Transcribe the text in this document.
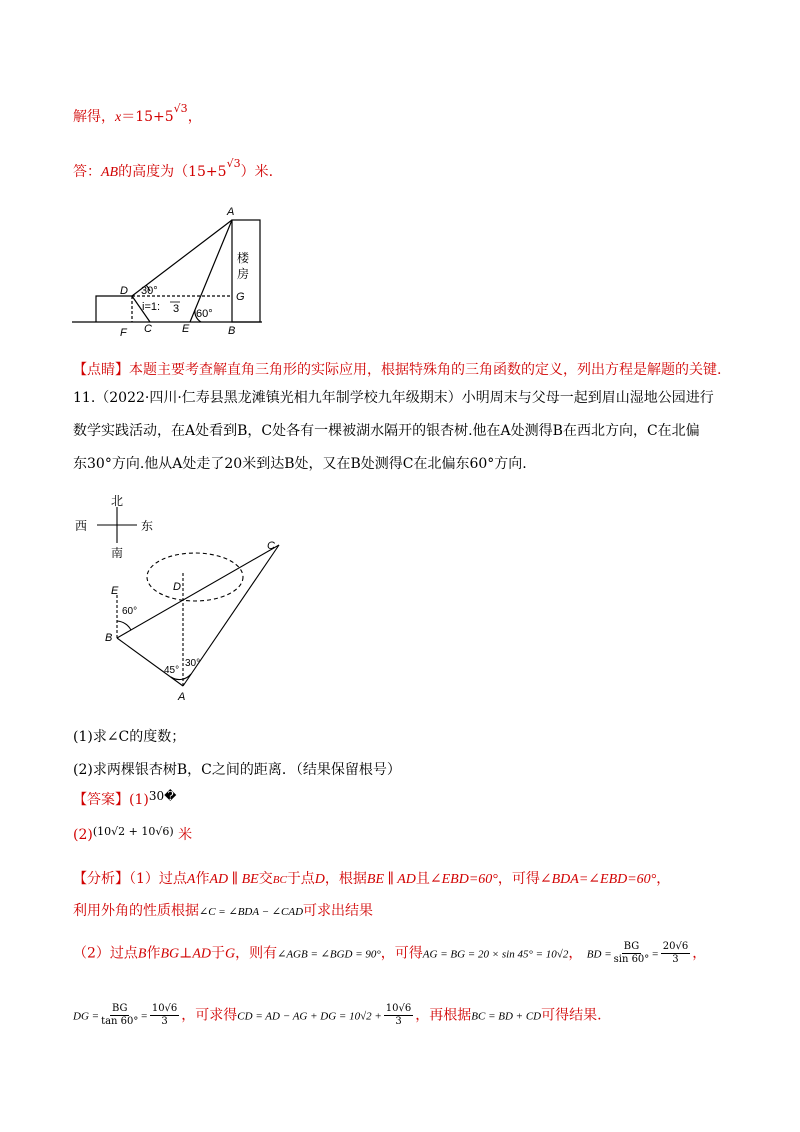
解得，$x=15+5^{√3}$，
答：AB的高度为$(15+5^{√3})$米.
A
D	G
F C	E	B
30°
60°
i=1: 3
楼
房
【点睛】本题主要考查解直角三角形的实际应用，根据特殊角的三角函数的定义，列出方程是解题的关键.
11.（2022·四川·仁寿县黑龙滩镇光相九年制学校九年级期末）小明周末与父母一起到眉山湿地公园进行
数学实践活动，在A处看到B，C处各有一棵被湖水隔开的银杏树.他在A处测得B在西北方向，C在北偏
东30°方向.他从A处走了20米到达B处，又在B处测得C在北偏东60°方向.
北
西	东
南	C
D
E
B
A
60°
45°
30°
(1)求∠C的度数；
(2)求两棵银杏树B，C之间的距离．（结果保留根号）
【答案】(1)30�
$(2)^{(10√2 + 10√6)}$ 米
【分析】（1）过点A作AD ∥ BE交BC于点D，根据BE ∥ AD且∠EBD=60°，可得∠BDA=∠EBD=60°，
利用外角的性质根据∠C = ∠BDA − ∠CAD可求出结果
（2）过点B作BG⊥AD于G，则有∠AGB = ∠BGD = 90°，可得AG = BG = 20 × sin 45° = 10√2， BD = $\frac{BG}{\sin 60^\circ} = \frac{20√6}{3}$ ，
DG = $\frac{BG}{\tan 60^\circ} = \frac{10√6}{3}$ ，可求得CD = AD − AG + DG = $10√2 + \frac{10√6}{3}$ ，再根据BC = BD + CD可得结果.
